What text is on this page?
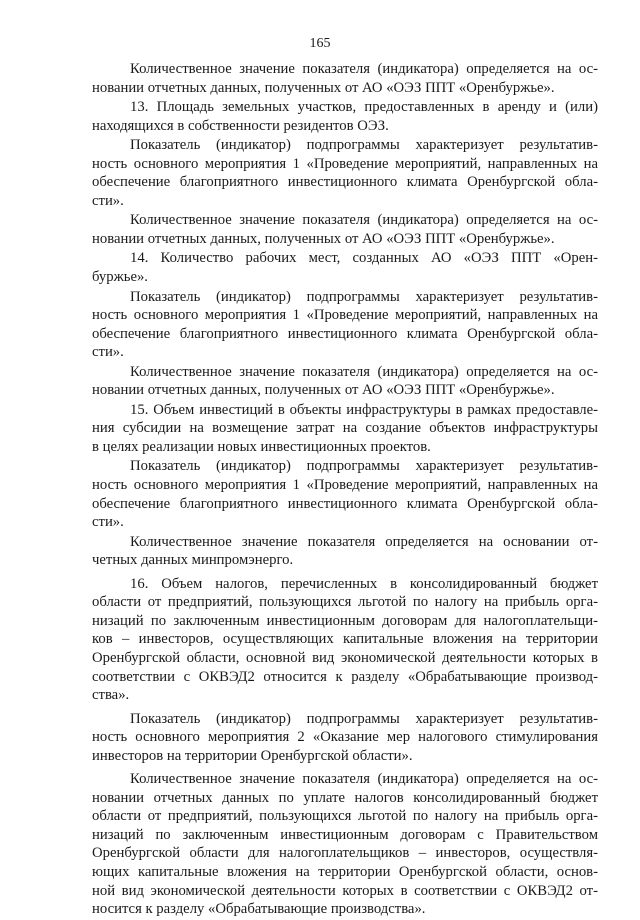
165
Количественное значение показателя (индикатора) определяется на ос-
новании отчетных данных, полученных от АО «ОЭЗ ППТ «Оренбуржье».
13. Площадь земельных участков, предоставленных в аренду и (или)
находящихся в собственности резидентов ОЭЗ.
Показатель (индикатор) подпрограммы характеризует результатив-
ность основного мероприятия 1 «Проведение мероприятий, направленных на
обеспечение благоприятного инвестиционного климата Оренбургской обла-
сти».
Количественное значение показателя (индикатора) определяется на ос-
новании отчетных данных, полученных от АО «ОЭЗ ППТ «Оренбуржье».
14. Количество рабочих мест, созданных АО «ОЭЗ ППТ «Орен-
буржье».
Показатель (индикатор) подпрограммы характеризует результатив-
ность основного мероприятия 1 «Проведение мероприятий, направленных на
обеспечение благоприятного инвестиционного климата Оренбургской обла-
сти».
Количественное значение показателя (индикатора) определяется на ос-
новании отчетных данных, полученных от АО «ОЭЗ ППТ «Оренбуржье».
15. Объем инвестиций в объекты инфраструктуры в рамках предоставле-
ния субсидии на возмещение затрат на создание объектов инфраструктуры
в целях реализации новых инвестиционных проектов.
Показатель (индикатор) подпрограммы характеризует результатив-
ность основного мероприятия 1 «Проведение мероприятий, направленных на
обеспечение благоприятного инвестиционного климата Оренбургской обла-
сти».
Количественное значение показателя определяется на основании от-
четных данных минпромэнерго.
16. Объем налогов, перечисленных в консолидированный бюджет
области от предприятий, пользующихся льготой по налогу на прибыль орга-
низаций по заключенным инвестиционным договорам для налогоплательщи-
ков – инвесторов, осуществляющих капитальные вложения на территории
Оренбургской области, основной вид экономической деятельности которых в
соответствии с ОКВЭД2 относится к разделу «Обрабатывающие производ-
ства».
Показатель (индикатор) подпрограммы характеризует результатив-
ность основного мероприятия 2 «Оказание мер налогового стимулирования
инвесторов на территории Оренбургской области».
Количественное значение показателя (индикатора) определяется на ос-
новании отчетных данных по уплате налогов консолидированный бюджет
области от предприятий, пользующихся льготой по налогу на прибыль орга-
низаций по заключенным инвестиционным договорам с Правительством
Оренбургской области для налогоплательщиков – инвесторов, осуществля-
ющих капитальные вложения на территории Оренбургской области, основ-
ной вид экономической деятельности которых в соответствии с ОКВЭД2 от-
носится к разделу «Обрабатывающие производства».
